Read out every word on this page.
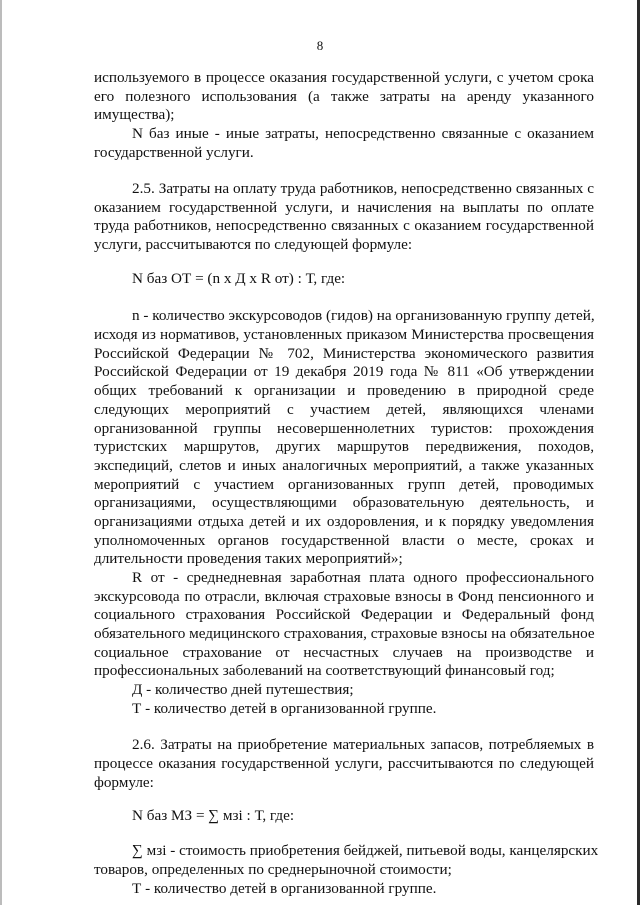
8
используемого в процессе оказания государственной услуги, с учетом срока
его полезного использования (а также затраты на аренду указанного
имущества);
N баз иные - иные затраты, непосредственно связанные с оказанием
государственной услуги.
2.5. Затраты на оплату труда работников, непосредственно связанных с
оказанием государственной услуги, и начисления на выплаты по оплате
труда работников, непосредственно связанных с оказанием государственной
услуги, рассчитываются по следующей формуле:
N баз ОТ = (n х Д х R от) : Т, где:
n - количество экскурсоводов (гидов) на организованную группу детей,
исходя из нормативов, установленных приказом Министерства просвещения
Российской Федерации № 702, Министерства экономического развития
Российской Федерации от 19 декабря 2019 года № 811 «Об утверждении
общих требований к организации и проведению в природной среде
следующих мероприятий с участием детей, являющихся членами
организованной группы несовершеннолетних туристов: прохождения
туристских маршрутов, других маршрутов передвижения, походов,
экспедиций, слетов и иных аналогичных мероприятий, а также указанных
мероприятий с участием организованных групп детей, проводимых
организациями, осуществляющими образовательную деятельность, и
организациями отдыха детей и их оздоровления, и к порядку уведомления
уполномоченных органов государственной власти о месте, сроках и
длительности проведения таких мероприятий»;
R от - среднедневная заработная плата одного профессионального
экскурсовода по отрасли, включая страховые взносы в Фонд пенсионного и
социального страхования Российской Федерации и Федеральный фонд
обязательного медицинского страхования, страховые взносы на обязательное
социальное страхование от несчастных случаев на производстве и
профессиональных заболеваний на соответствующий финансовый год;
Д - количество дней путешествия;
Т - количество детей в организованной группе.
2.6. Затраты на приобретение материальных запасов, потребляемых в
процессе оказания государственной услуги, рассчитываются по следующей
формуле:
N баз МЗ = ∑ мзi : Т, где:
∑ мзi - стоимость приобретения бейджей, питьевой воды, канцелярских
товаров, определенных по среднерыночной стоимости;
Т - количество детей в организованной группе.
